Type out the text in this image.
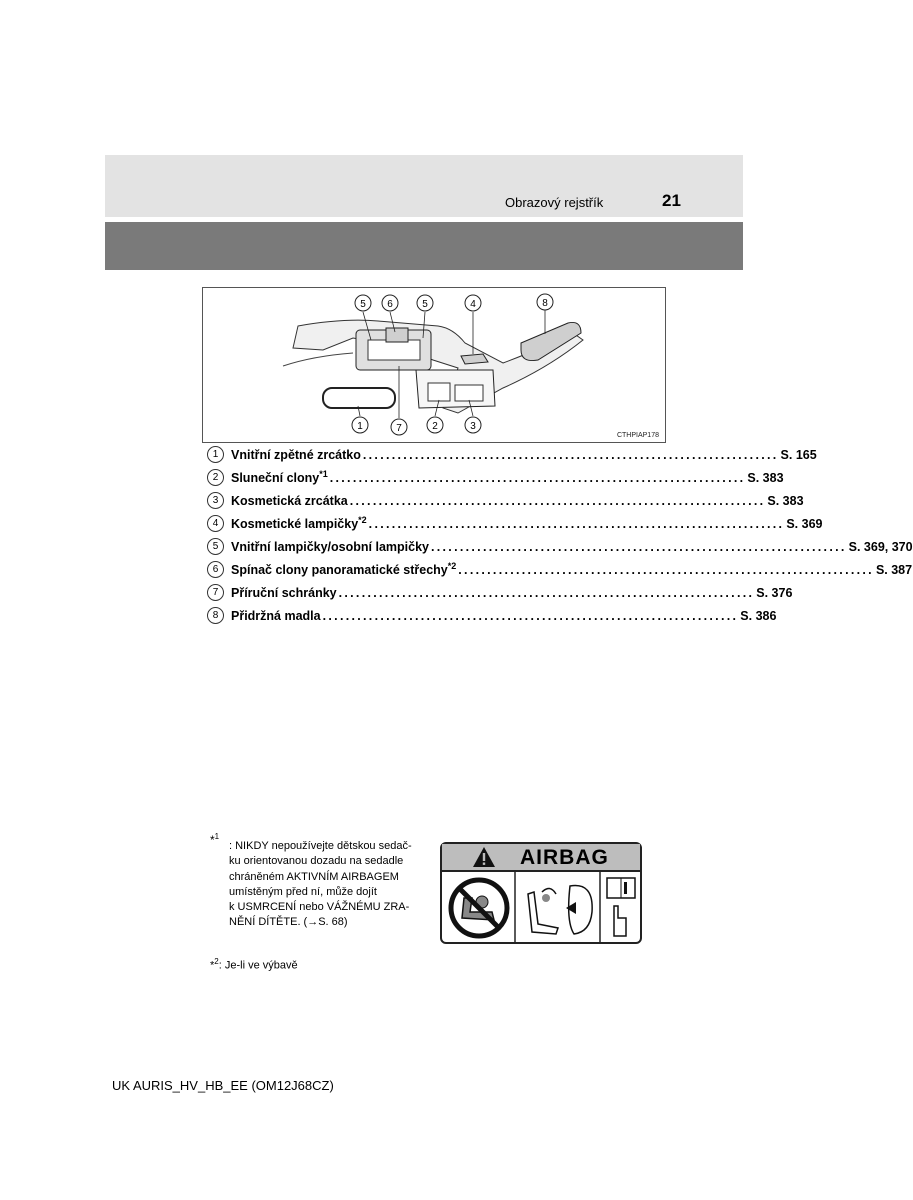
Obrazový rejstřík	21
5 6	5	4	8
1	7	2	3
CTHPIAP178
1	Vnitřní zpětné zrcátko ........................................................................ S. 165
2	Sluneční clony$^{*1}$ ........................................................................ S. 383
3	Kosmetická zrcátka ........................................................................ S. 383
4	Kosmetické lampičky$^{*2}$ ........................................................................ S. 369
5	Vnitřní lampičky/osobní lampičky ........................................................................ S. 369, 370
6	Spínač clony panoramatické střechy$^{*2}$ ........................................................................ S. 387
7	Příruční schránky ........................................................................ S. 376
8	Přidržná madla ........................................................................ S. 386
*$^1$
: NIKDY nepoužívejte dětskou sedač-
ku orientovanou dozadu na sedadle
chráněném AKTIVNÍM AIRBAGEM
umístěným před ní, může dojít
k USMRCENÍ nebo VÁŽNÉMU ZRA-
NĚNÍ DÍTĚTE. (→S. 68)
AIRBAG
*$^2$: Je-li ve výbavě
UK AURIS_HV_HB_EE (OM12J68CZ)
